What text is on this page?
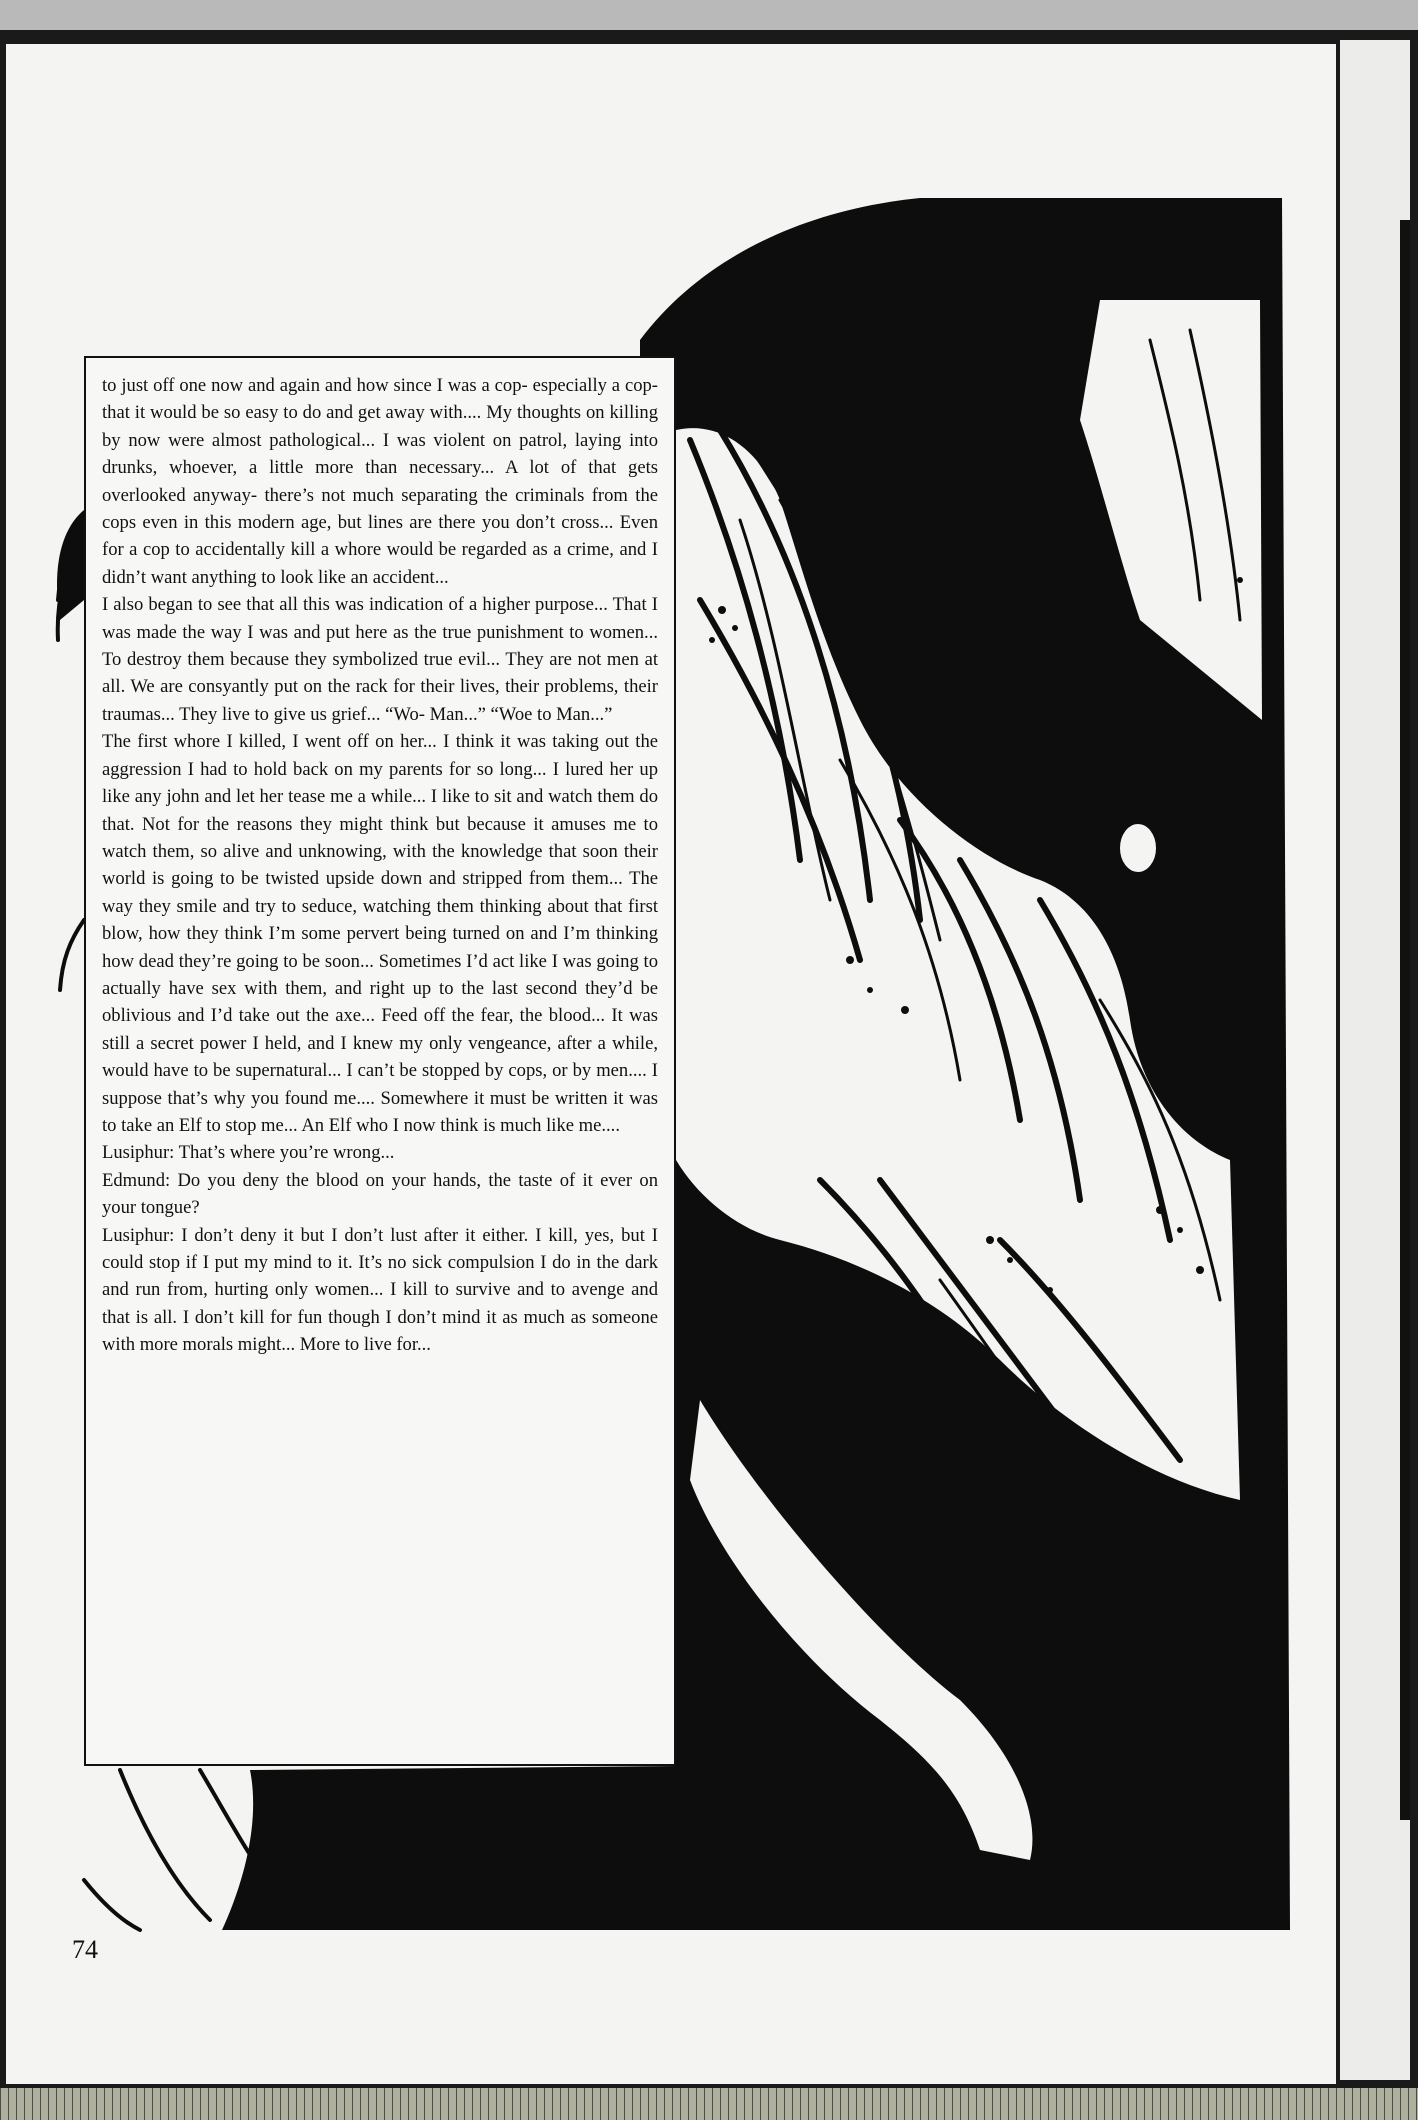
to just off one now and again and how since I was a cop- especially a cop- that it would be so easy to do and get away with.... My thoughts on killing by now were almost pathological... I was violent on patrol, laying into drunks, whoever, a little more than necessary... A lot of that gets overlooked anyway- there’s not much separating the criminals from the cops even in this modern age, but lines are there you don’t cross... Even for a cop to accidentally kill a whore would be regarded as a crime, and I didn’t want anything to look like an accident...

I also began to see that all this was indication of a higher purpose... That I was made the way I was and put here as the true punishment to women... To destroy them because they symbolized true evil... They are not men at all. We are consyantly put on the rack for their lives, their problems, their traumas... They live to give us grief... “Wo- Man...” “Woe to Man...”

The first whore I killed, I went off on her... I think it was taking out the aggression I had to hold back on my parents for so long... I lured her up like any john and let her tease me a while... I like to sit and watch them do that. Not for the reasons they might think but because it amuses me to watch them, so alive and unknowing, with the knowledge that soon their world is going to be twisted upside down and stripped from them... The way they smile and try to seduce, watching them thinking about that first blow, how they think I’m some pervert being turned on and I’m thinking how dead they’re going to be soon... Sometimes I’d act like I was going to actually have sex with them, and right up to the last second they’d be oblivious and I’d take out the axe... Feed off the fear, the blood... It was still a secret power I held, and I knew my only vengeance, after a while, would have to be supernatural... I can’t be stopped by cops, or by men.... I suppose that’s why you found me.... Somewhere it must be written it was to take an Elf to stop me... An Elf who I now think is much like me....

Lusiphur: That’s where you’re wrong...

Edmund: Do you deny the blood on your hands, the taste of it ever on your tongue?

Lusiphur: I don’t deny it but I don’t lust after it either. I kill, yes, but I could stop if I put my mind to it. It’s no sick compulsion I do in the dark and run from, hurting only women... I kill to survive and to avenge and that is all. I don’t kill for fun though I don’t mind it as much as someone with more morals might... More to live for...

74
